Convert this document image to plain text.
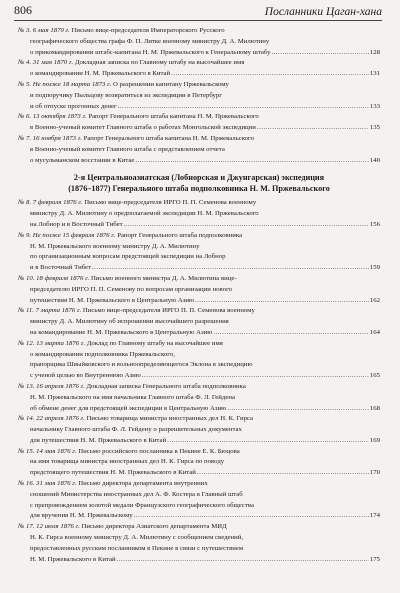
806	Посланники Цаган-хана
№ 3. 6 мая 1870 г.
Письмо вице-председателя Императорского Русского
географического общества графа Ф. П. Литке военному министру Д. А. Милютину
о прикомандировании штабс-капитана Н. М. Пржевальского к Генеральному штабу .....	128
№ 4. 31 мая 1870 г.
Докладная записка по Главному штабу на высочайшее имя
о командировании Н. М. Пржевальского в Китай .....	131
№ 5. Не позже 18 марта 1873 г.
О разрешении капитану Пржевальскому
и подпоручику Пыльцову возвратиться из экспедиции в Петербург
и об отпуске прогонных денег .....	133
№ 6. 13 октября 1873 г.
Рапорт Генерального штаба капитана Н. М. Пржевальского
в Военно-ученый комитет Главного штаба о работах Монгольской экспедиции .....	135
№ 7. 16 ноября 1873 г.
Рапорт Генерального штаба капитана Н. М. Пржевальского
в Военно-ученый комитет Главного штаба с представлением отчета
о мусульманском восстании в Китае .....	140
2-я Центральноазиатская (Лобнорская и Джунгарская) экспедиция
(1876–1877) Генерального штаба подполковника Н. М. Пржевальского
№ 8. 7 февраля 1876 г.
Письмо вице-председателя ИРГО П. П. Семенова военному
министру Д. А. Милютину о предполагаемой экспедиции Н. М. Пржевальского
на Лобнор и в Восточный Тибет .....	156
№ 9. Не позже 15 февраля 1876 г.
Рапорт Генерального штаба подполковника
Н. М. Пржевальского военному министру Д. А. Милютину
по организационным вопросам предстоящей экспедиции на Лобнор
и в Восточный Тибет .....	159
№ 10. 18 февраля 1876 г.
Письмо военного министра Д. А. Милютина вице-
председателю ИРГО П. П. Семенову по вопросам организации нового
путешествия Н. М. Пржевальского в Центральную Азию .....	162
№ 11. 7 марта 1876 г.
Письмо вице-председателя ИРГО П. П. Семенова военному
министру Д. А. Милютину об испрошении высочайшего разрешения
на командирование Н. М. Пржевальского в Центральную Азию .....	164
№ 12. 13 марта 1876 г.
Доклад по Главному штабу на высочайшее имя
о командировании подполковника Пржевальского,
прапорщика Швыйковского и вольноопределяющегося Эклона в экспедицию
с ученой целью во Внутреннюю Азию .....	165
№ 13. 16 апреля 1876 г.
Докладная записка Генерального штаба подполковника
Н. М. Пржевальского на имя начальника Главного штаба Ф. Л. Гейдена
об обмене денег для предстоящей экспедиции в Центральную Азию .....	168
№ 14. 22 апреля 1876 г.
Письмо товарища министра иностранных дел Н. К. Гирса
начальнику Главного штаба Ф. Л. Гейдену о разрешительных документах
для путешествия Н. М. Пржевальского в Китай .....	169
№ 15. 14 мая 1876 г.
Письмо российского посланника в Пекине Е. К. Бюцова
на имя товарища министра иностранных дел Н. К. Гирса по поводу
предстоящего путешествия Н. М. Пржевальского в Китай .....	170
№ 16. 31 мая 1876 г.
Письмо директора департамента внутренних
сношений Министерства иностранных дел А. Ф. Костера в Главный штаб
с препровождением золотой медали Французского географического общества
для вручения Н. М. Пржевальскому .....	174
№ 17. 12 июля 1876 г.
Письмо директора Азиатского департамента МИД
Н. К. Гирса военному министру Д. А. Милютину с сообщением сведений,
предоставленных русским посланником в Пекине в связи с путешествием
Н. М. Пржевальского в Китай .....	175
